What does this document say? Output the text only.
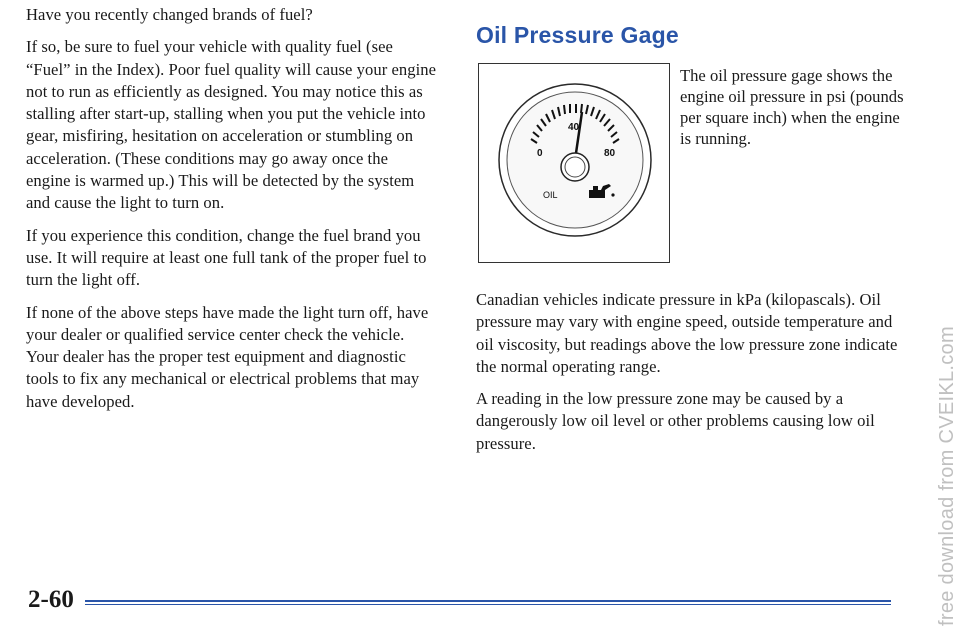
Have you recently changed brands of fuel?

If so, be sure to fuel your vehicle with quality fuel (see “Fuel” in the Index). Poor fuel quality will cause your engine not to run as efficiently as designed. You may notice this as stalling after start-up, stalling when you put the vehicle into gear, misfiring, hesitation on acceleration or stumbling on acceleration. (These conditions may go away once the engine is warmed up.) This will be detected by the system and cause the light to turn on.

If you experience this condition, change the fuel brand you use. It will require at least one full tank of the proper fuel to turn the light off.

If none of the above steps have made the light turn off, have your dealer or qualified service center check the vehicle. Your dealer has the proper test equipment and diagnostic tools to fix any mechanical or electrical problems that may have developed.

Oil Pressure Gage
0
40
80
OIL
The oil pressure gage shows the engine oil pressure in psi (pounds per square inch) when the engine is running.

Canadian vehicles indicate pressure in kPa (kilopascals). Oil pressure may vary with engine speed, outside temperature and oil viscosity, but readings above the low pressure zone indicate the normal operating range.

A reading in the low pressure zone may be caused by a dangerously low oil level or other problems causing low oil pressure.

2-60	free download from CVEIKL.com
